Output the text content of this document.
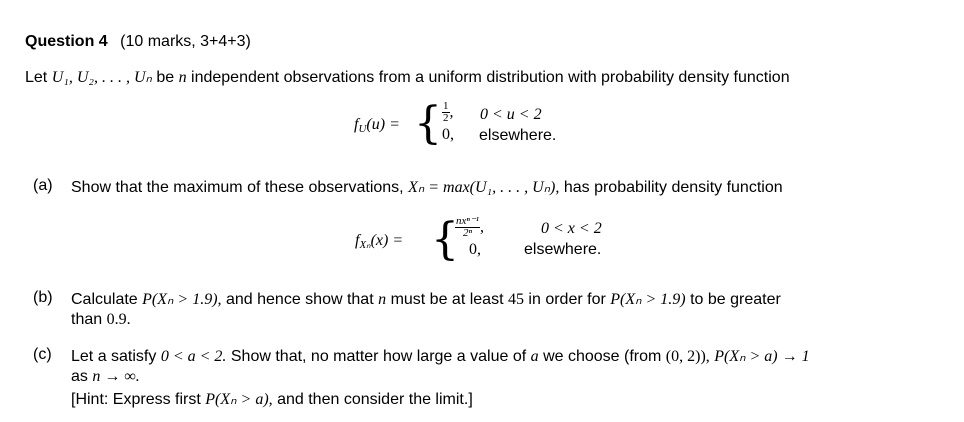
Question 4 (10 marks, 3+4+3)
Let U₁, U₂, . . . , Uₙ be n independent observations from a uniform distribution with probability density function
$f_U(u)$ = { $\frac{1}{2}$ , 0 < u < 2
0, elsewhere.
(a) Show that the maximum of these observations, Xₙ = max(U₁, . . . , Uₙ), has probability density function
$f_{X_n}(x)$ = {
$\frac{\text{nxⁿ⁻¹}}{\text{2ⁿ}}$ ,	0 < x < 2
0,	elsewhere.
(b) Calculate P(Xₙ > 1.9), and hence show that n must be at least 45 in order for P(Xₙ > 1.9) to be greater
than 0.9.
(c) Let a satisfy 0 < a < 2. Show that, no matter how large a value of a we choose (from (0, 2)), P(Xₙ > a) → 1
as n → ∞.
[Hint: Express first P(Xₙ > a), and then consider the limit.]
